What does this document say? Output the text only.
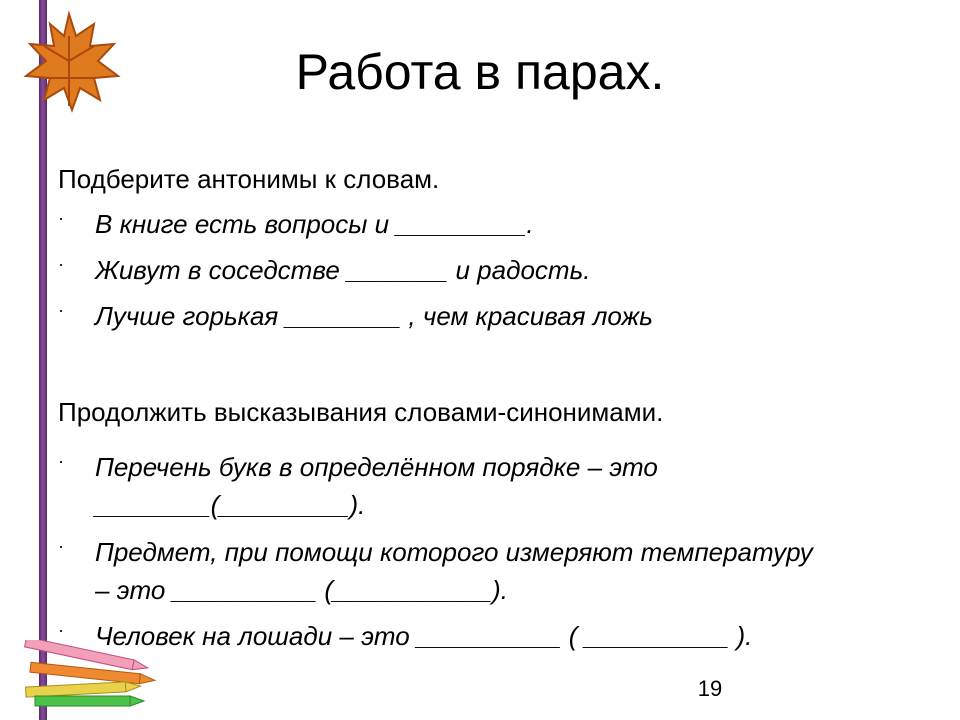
Работа в парах.
Подберите антонимы к словам.
· В книге есть вопросы и _________.
· Живут в соседстве _______ и радость.
· Лучше горькая ________ , чем красивая ложь
Продолжить высказывания словами-синонимами.
· Перечень букв в определённом порядке – это
________(_________).
· Предмет, при помощи которого измеряют температуру
– это __________ (___________).
· Человек на лошади – это __________ ( __________ ).
19
